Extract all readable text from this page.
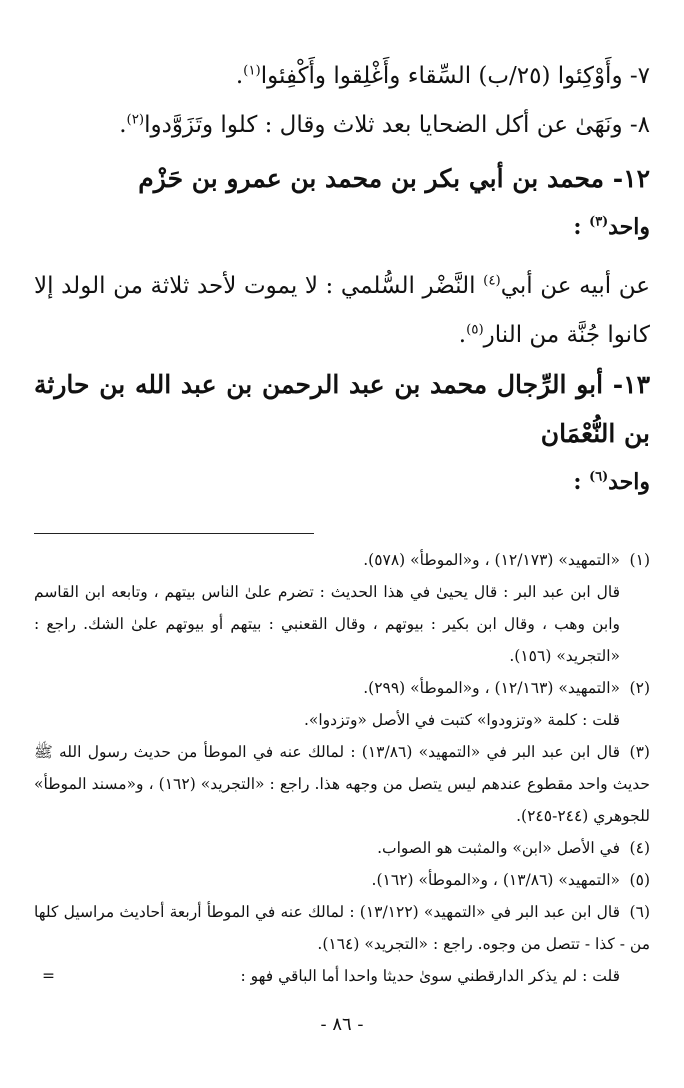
٧- وأَوْكِئوا (٢٥/ب) السِّقاء وأَغْلِقوا وأَكْفِئوا$^{(١)}$.

٨- ونَهَىٰ عن أكل الضحايا بعد ثلاث وقال : كلوا وتَزَوَّدوا$^{(٢)}$.

١٢- محمد بن أبي بكر بن محمد بن عمرو بن حَزْم

واحد$^{(٣)}$ :

عن أبيه عن أبي$^{(٤)}$ النَّضْر السُّلمي : لا يموت لأحد ثلاثة من الولد إلا كانوا جُنَّة من النار$^{(٥)}$.

١٣- أبو الرِّجال محمد بن عبد الرحمن بن عبد الله بن حارثة بن النُّعْمَان

واحد$^{(٦)}$ :

(١)«التمهيد» (١٢/١٧٣) ، و«الموطأ» (٥٧٨).

قال ابن عبد البر : قال يحيىٰ في هذا الحديث : تضرم علىٰ الناس بيتهم ، وتابعه ابن القاسم وابن وهب ، وقال ابن بكير : بيوتهم ، وقال القعنبي : بيتهم أو بيوتهم علىٰ الشك. راجع : «التجريد» (١٥٦).

(٢)«التمهيد» (١٢/١٦٣) ، و«الموطأ» (٢٩٩).

قلت : كلمة «وتزودوا» كتبت في الأصل «وتزدوا».

(٣)قال ابن عبد البر في «التمهيد» (١٣/٨٦) : لمالك عنه في الموطأ من حديث رسول الله ﷺ حديث واحد مقطوع عندهم ليس يتصل من وجهه هذا. راجع : «التجريد» (١٦٢) ، و«مسند الموطأ» للجوهري (٢٤٤-٢٤٥).

(٤)في الأصل «ابن» والمثبت هو الصواب.

(٥)«التمهيد» (١٣/٨٦) ، و«الموطأ» (١٦٢).

(٦)قال ابن عبد البر في «التمهيد» (١٣/١٢٢) : لمالك عنه في الموطأ أربعة أحاديث مراسيل كلها من - كذا - تتصل من وجوه. راجع : «التجريد» (١٦٤).

قلت : لم يذكر الدارقطني سوىٰ حديثا واحدا أما الباقي فهو :
=

- ٨٦ -
